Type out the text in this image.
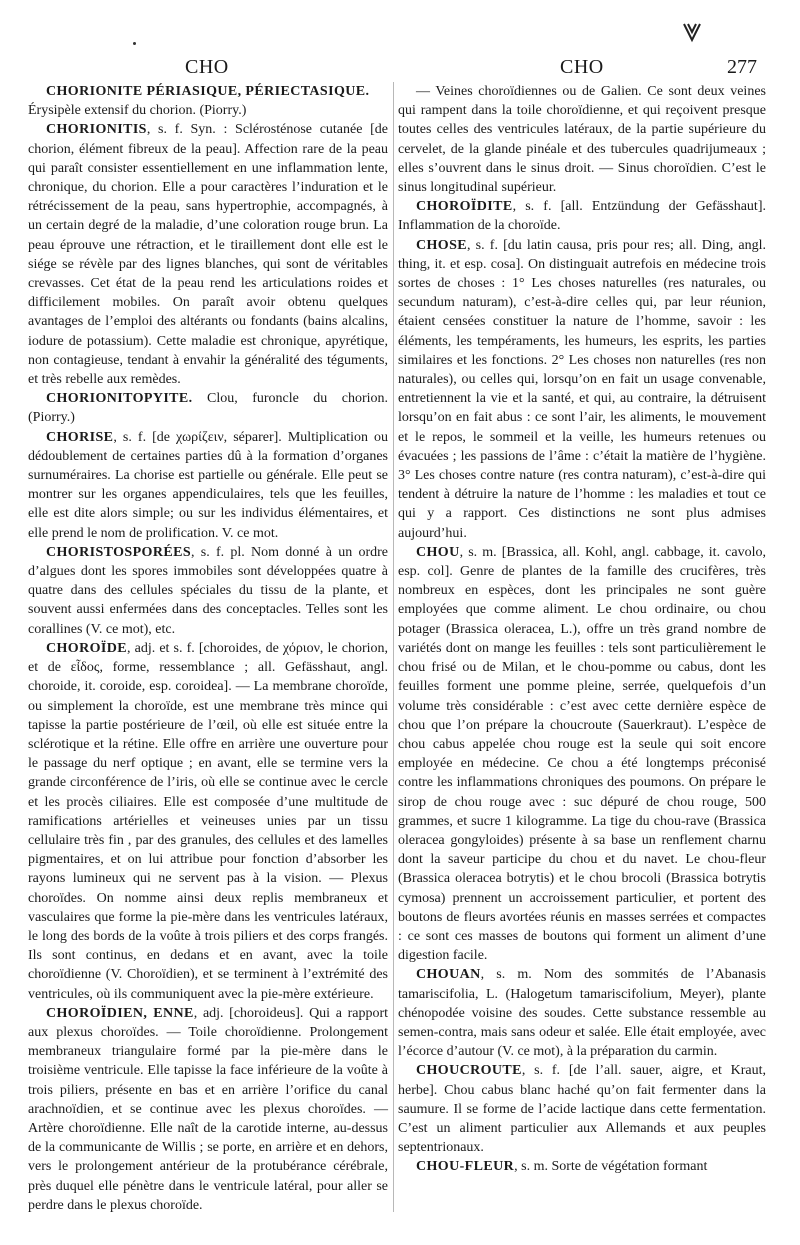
CHO	CHO	277

CHORIONITE PÉRIASIQUE, PÉRIECTASIQUE.

Érysipèle extensif du chorion. (Piorry.)

CHORIONITIS, s. f. Syn. : Sclérosténose cutanée [de chorion, élément fibreux de la peau]. Affection rare de la peau qui paraît consister essentiellement en une inflammation lente, chronique, du chorion. Elle a pour caractères l’induration et le rétrécissement de la peau, sans hypertrophie, accompagnés, à un certain degré de la maladie, d’une coloration rouge brun. La peau éprouve une rétraction, et le tiraillement dont elle est le siége se révèle par des lignes blanches, qui sont de véritables crevasses. Cet état de la peau rend les articulations roides et difficilement mobiles. On paraît avoir obtenu quelques avantages de l’emploi des altérants ou fondants (bains alcalins, iodure de potassium). Cette maladie est chronique, apyrétique, non contagieuse, tendant à envahir la généralité des téguments, et très rebelle aux remèdes.

CHORIONITOPYITE. Clou, furoncle du chorion. (Piorry.)

CHORISE, s. f. [de χωρίζειν, séparer]. Multiplication ou dédoublement de certaines parties dû à la formation d’organes surnuméraires. La chorise est partielle ou générale. Elle peut se montrer sur les organes appendiculaires, tels que les feuilles, elle est dite alors simple; ou sur les individus élémentaires, et elle prend le nom de prolification. V. ce mot.

CHORISTOSPORÉES, s. f. pl. Nom donné à un ordre d’algues dont les spores immobiles sont développées quatre à quatre dans des cellules spéciales du tissu de la plante, et souvent aussi enfermées dans des conceptacles. Telles sont les corallines (V. ce mot), etc.

CHOROÏDE, adj. et s. f. [choroides, de χόριον, le chorion, et de εἶδος, forme, ressemblance ; all. Gefässhaut, angl. choroide, it. coroide, esp. coroidea]. — La membrane choroïde, ou simplement la choroïde, est une membrane très mince qui tapisse la partie postérieure de l’œil, où elle est située entre la sclérotique et la rétine. Elle offre en arrière une ouverture pour le passage du nerf optique ; en avant, elle se termine vers la grande circonférence de l’iris, où elle se continue avec le cercle et les procès ciliaires. Elle est composée d’une multitude de ramifications artérielles et veineuses unies par un tissu cellulaire très fin , par des granules, des cellules et des lamelles pigmentaires, et on lui attribue pour fonction d’absorber les rayons lumineux qui ne servent pas à la vision. — Plexus choroïdes. On nomme ainsi deux replis membraneux et vasculaires que forme la pie-mère dans les ventricules latéraux, le long des bords de la voûte à trois piliers et des corps frangés. Ils sont continus, en dedans et en avant, avec la toile choroïdienne (V. Choroïdien), et se terminent à l’extrémité des ventricules, où ils communiquent avec la pie-mère extérieure.

CHOROÏDIEN, ENNE, adj. [choroideus]. Qui a rapport aux plexus choroïdes. — Toile choroïdienne. Prolongement membraneux triangulaire formé par la pie-mère dans le troisième ventricule. Elle tapisse la face inférieure de la voûte à trois piliers, présente en bas et en arrière l’orifice du canal arachnoïdien, et se continue avec les plexus choroïdes. — Artère choroïdienne. Elle naît de la carotide interne, au-dessus de la communicante de Willis ; se porte, en arrière et en dehors, vers le prolongement antérieur de la protubérance cérébrale, près duquel elle pénètre dans le ventricule latéral, pour aller se perdre dans le plexus choroïde.

— Veines choroïdiennes ou de Galien. Ce sont deux veines qui rampent dans la toile choroïdienne, et qui reçoivent presque toutes celles des ventricules latéraux, de la partie supérieure du cervelet, de la glande pinéale et des tubercules quadrijumeaux ; elles s’ouvrent dans le sinus droit. — Sinus choroïdien. C’est le sinus longitudinal supérieur.

CHOROÏDITE, s. f. [all. Entzündung der Gefässhaut]. Inflammation de la choroïde.

CHOSE, s. f. [du latin causa, pris pour res; all. Ding, angl. thing, it. et esp. cosa]. On distinguait autrefois en médecine trois sortes de choses : 1° Les choses naturelles (res naturales, ou secundum naturam), c’est-à-dire celles qui, par leur réunion, étaient censées constituer la nature de l’homme, savoir : les éléments, les tempéraments, les humeurs, les esprits, les parties similaires et les fonctions. 2° Les choses non naturelles (res non naturales), ou celles qui, lorsqu’on en fait un usage convenable, entretiennent la vie et la santé, et qui, au contraire, la détruisent lorsqu’on en fait abus : ce sont l’air, les aliments, le mouvement et le repos, le sommeil et la veille, les humeurs retenues ou évacuées ; les passions de l’âme : c’était la matière de l’hygiène. 3° Les choses contre nature (res contra naturam), c’est-à-dire qui tendent à détruire la nature de l’homme : les maladies et tout ce qui y a rapport. Ces distinctions ne sont plus admises aujourd’hui.

CHOU, s. m. [Brassica, all. Kohl, angl. cabbage, it. cavolo, esp. col]. Genre de plantes de la famille des crucifères, très nombreux en espèces, dont les principales ne sont guère employées que comme aliment. Le chou ordinaire, ou chou potager (Brassica oleracea, L.), offre un très grand nombre de variétés dont on mange les feuilles : tels sont particulièrement le chou frisé ou de Milan, et le chou-pomme ou cabus, dont les feuilles forment une pomme pleine, serrée, quelquefois d’un volume très considérable : c’est avec cette dernière espèce de chou que l’on prépare la choucroute (Sauerkraut). L’espèce de chou cabus appelée chou rouge est la seule qui soit encore employée en médecine. Ce chou a été longtemps préconisé contre les inflammations chroniques des poumons. On prépare le sirop de chou rouge avec : suc dépuré de chou rouge, 500 grammes, et sucre 1 kilogramme. La tige du chou-rave (Brassica oleracea gongyloides) présente à sa base un renflement charnu dont la saveur participe du chou et du navet. Le chou-fleur (Brassica oleracea botrytis) et le chou brocoli (Brassica botrytis cymosa) prennent un accroissement particulier, et portent des boutons de fleurs avortées réunis en masses serrées et compactes : ce sont ces masses de boutons qui forment un aliment d’une digestion facile.

CHOUAN, s. m. Nom des sommités de l’Abanasis tamariscifolia, L. (Halogetum tamariscifolium, Meyer), plante chénopodée voisine des soudes. Cette substance ressemble au semen-contra, mais sans odeur et salée. Elle était employée, avec l’écorce d’autour (V. ce mot), à la préparation du carmin.

CHOUCROUTE, s. f. [de l’all. sauer, aigre, et Kraut, herbe]. Chou cabus blanc haché qu’on fait fermenter dans la saumure. Il se forme de l’acide lactique dans cette fermentation. C’est un aliment particulier aux Allemands et aux peuples septentrionaux.

CHOU-FLEUR, s. m. Sorte de végétation formant
